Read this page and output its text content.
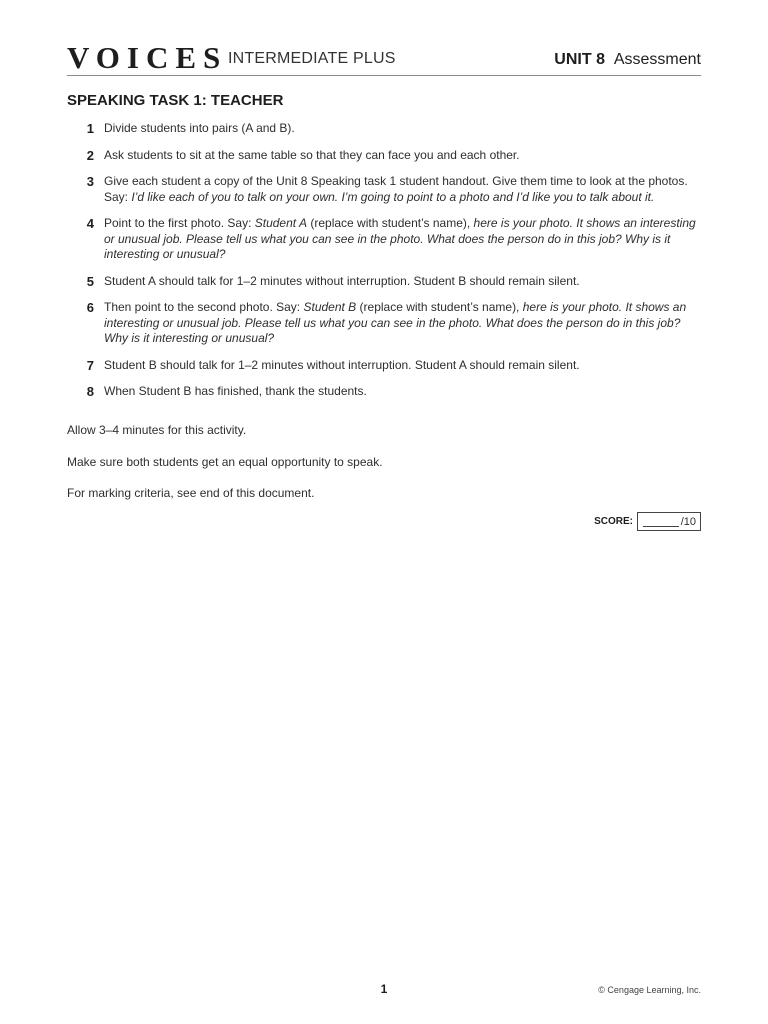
VOICES INTERMEDIATE PLUS	UNIT 8 Assessment
SPEAKING TASK 1: TEACHER
1 Divide students into pairs (A and B).
2 Ask students to sit at the same table so that they can face you and each other.
3 Give each student a copy of the Unit 8 Speaking task 1 student handout. Give them time to look at the photos. Say: I’d like each of you to talk on your own. I’m going to point to a photo and I’d like you to talk about it.
4 Point to the first photo. Say: Student A (replace with student’s name), here is your photo. It shows an interesting or unusual job. Please tell us what you can see in the photo. What does the person do in this job? Why is it interesting or unusual?
5 Student A should talk for 1–2 minutes without interruption. Student B should remain silent.
6 Then point to the second photo. Say: Student B (replace with student’s name), here is your photo. It shows an interesting or unusual job. Please tell us what you can see in the photo. What does the person do in this job? Why is it interesting or unusual?
7 Student B should talk for 1–2 minutes without interruption. Student A should remain silent.
8 When Student B has finished, thank the students.

Allow 3–4 minutes for this activity.

Make sure both students get an equal opportunity to speak.

For marking criteria, see end of this document.

SCORE:	/10
1	© Cengage Learning, Inc.
